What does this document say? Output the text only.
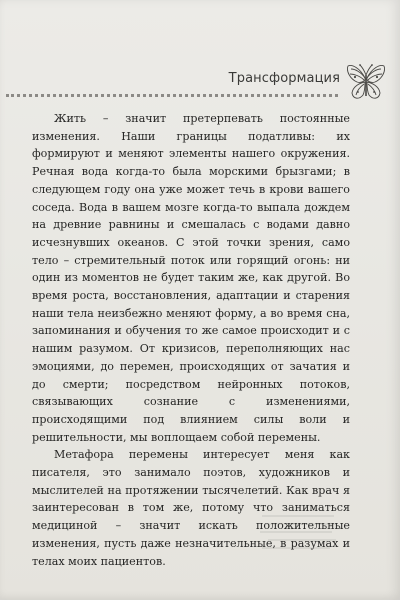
Трансформация

Жить – значит претерпевать постоянные изменения. Наши границы податливы: их формируют и меняют элементы нашего окружения. Речная вода когда-то была морскими брызгами; в следующем году она уже может течь в крови вашего соседа. Вода в вашем мозге когда-то выпала дождем на древние равнины и смешалась с водами давно исчезнувших океанов. С этой точки зрения, само тело – стремительный поток или горящий огонь: ни один из моментов не будет таким же, как другой. Во время роста, восстановления, адаптации и старения наши тела неизбежно меняют форму, а во время сна, запоминания и обучения то же самое происходит и с нашим разумом. От кризисов, переполняющих нас эмоциями, до перемен, происходящих от зачатия и до смерти; посредством нейронных потоков, связывающих сознание с изменениями, происходящими под влиянием силы воли и решительности, мы воплощаем собой перемены.

Метафора перемены интересует меня как писателя, это занимало поэтов, художников и мыслителей на протяжении тысячелетий. Как врач я заинтересован в том же, потому что заниматься медициной – значит искать положительные изменения, пусть даже незначительные, в разумах и телах моих пациентов.
